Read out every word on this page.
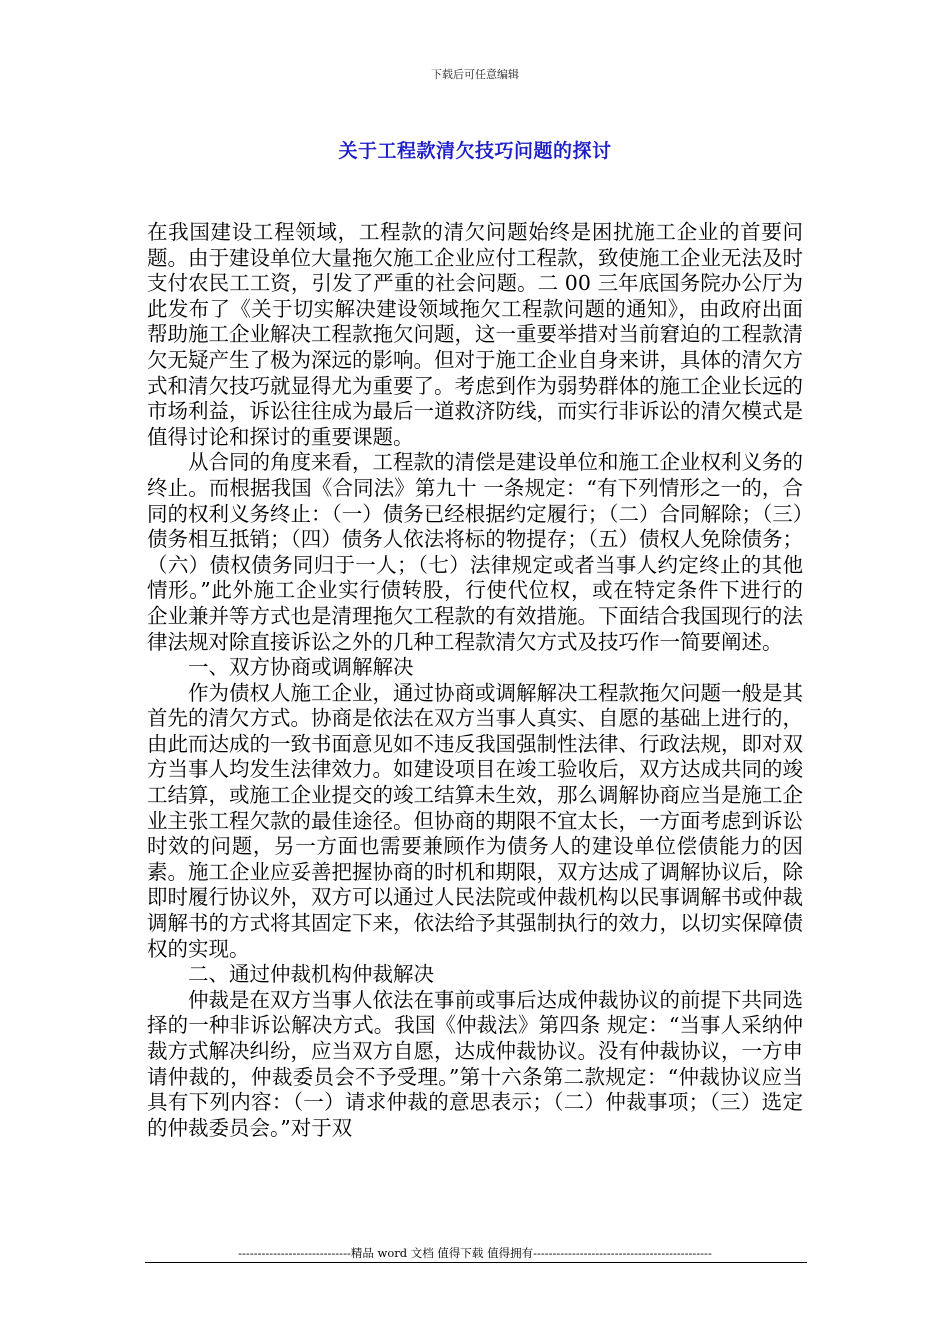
下载后可任意编辑
关于工程款清欠技巧问题的探讨

在我国建设工程领域，工程款的清欠问题始终是困扰施工企业的首要问题。由于建设单位大量拖欠施工企业应付工程款，致使施工企业无法及时支付农民工工资，引发了严重的社会问题。二 00 三年底国务院办公厅为此发布了《关于切实解决建设领域拖欠工程款问题的通知》，由政府出面帮助施工企业解决工程款拖欠问题，这一重要举措对当前窘迫的工程款清欠无疑产生了极为深远的影响。但对于施工企业自身来讲，具体的清欠方式和清欠技巧就显得尤为重要了。考虑到作为弱势群体的施工企业长远的市场利益，诉讼往往成为最后一道救济防线，而实行非诉讼的清欠模式是值得讨论和探讨的重要课题。

从合同的角度来看，工程款的清偿是建设单位和施工企业权利义务的终止。而根据我国《合同法》第九十 一条规定：“有下列情形之一的，合同的权利义务终止：（一）债务已经根据约定履行；（二）合同解除；（三）债务相互抵销；（四）债务人依法将标的物提存；（五）债权人免除债务；（六）债权债务同归于一人；（七）法律规定或者当事人约定终止的其他情形。”此外施工企业实行债转股，行使代位权，或在特定条件下进行的企业兼并等方式也是清理拖欠工程款的有效措施。下面结合我国现行的法律法规对除直接诉讼之外的几种工程款清欠方式及技巧作一简要阐述。

一、双方协商或调解解决

作为债权人施工企业，通过协商或调解解决工程款拖欠问题一般是其首先的清欠方式。协商是依法在双方当事人真实、自愿的基础上进行的，由此而达成的一致书面意见如不违反我国强制性法律、行政法规，即对双方当事人均发生法律效力。如建设项目在竣工验收后，双方达成共同的竣工结算，或施工企业提交的竣工结算未生效，那么调解协商应当是施工企业主张工程欠款的最佳途径。但协商的期限不宜太长，一方面考虑到诉讼时效的问题，另一方面也需要兼顾作为债务人的建设单位偿债能力的因素。施工企业应妥善把握协商的时机和期限，双方达成了调解协议后，除即时履行协议外，双方可以通过人民法院或仲裁机构以民事调解书或仲裁调解书的方式将其固定下来，依法给予其强制执行的效力，以切实保障债权的实现。

二、通过仲裁机构仲裁解决

仲裁是在双方当事人依法在事前或事后达成仲裁协议的前提下共同选择的一种非诉讼解决方式。我国《仲裁法》第四条 规定：“当事人采纳仲裁方式解决纠纷，应当双方自愿，达成仲裁协议。没有仲裁协议，一方申请仲裁的，仲裁委员会不予受理。”第十六条第二款规定：“仲裁协议应当具有下列内容：（一）请求仲裁的意思表示；（二）仲裁事项；（三）选定的仲裁委员会。”对于双

-----------------------------精品 word 文档 值得下载 值得拥有----------------------------------------------
